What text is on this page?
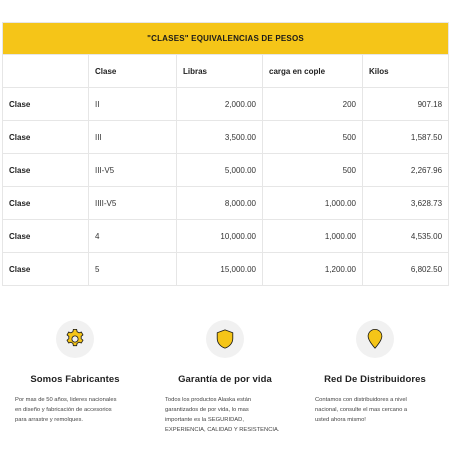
"CLASES" EQUIVALENCIAS DE PESOS				
	Clase	Libras	carga en cople	Kilos
Clase	II	2,000.00	200	907.18
Clase	III	3,500.00	500	1,587.50
Clase	III-V5	5,000.00	500	2,267.96
Clase	IIII-V5	8,000.00	1,000.00	3,628.73
Clase	4	10,000.00	1,000.00	4,535.00
Clase	5	15,000.00	1,200.00	6,802.50
Somos Fabricantes

Por mas de 50 años, lideres nacionales
en diseño y fabricación de accesorios
para arrastre y remolques.

Garantía de por vida

Todos los productos Alaska están
garantizados de por vida, lo mas
importante es la SEGURIDAD,
EXPERIENCIA, CALIDAD Y RESISTENCIA.

Red De Distribuidores

Contamos con distribuidores a nivel
nacional, consulte el mas cercano a
usted ahora mismo!
